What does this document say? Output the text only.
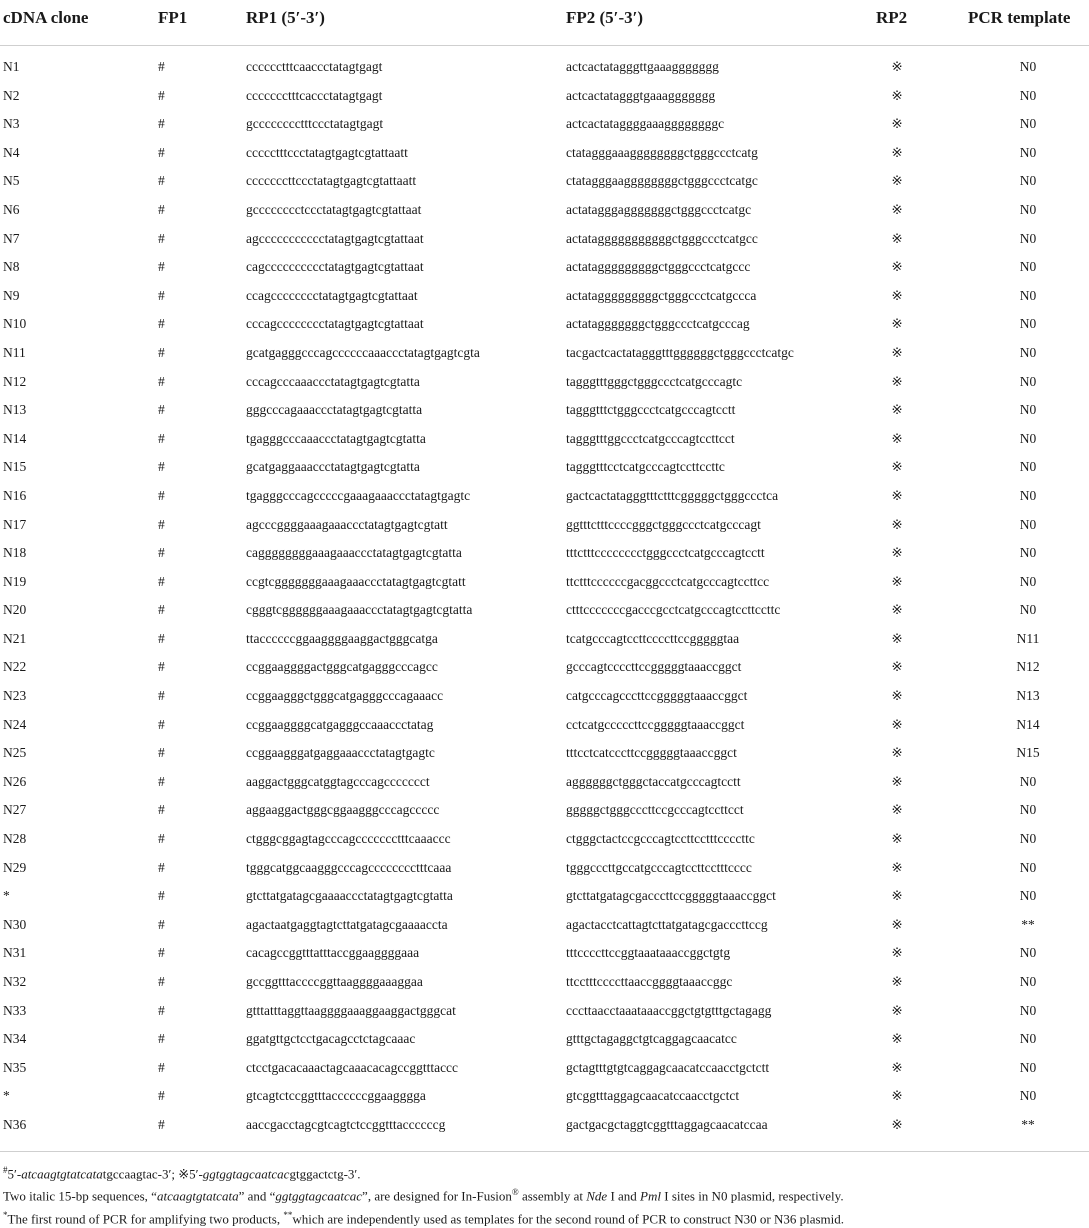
cDNA clone	FP1	RP1 (5′-3′)	FP2 (5′-3′)	RP2	PCR template
N1	#	cccccctttcaaccctatagtgagt	actcactatagggttgaaaggggggg	※	N0
N2	#	ccccccctttcaccctatagtgagt	actcactatagggtgaaaggggggg	※	N0
N3	#	gcccccccctttccctatagtgagt	actcactataggggaaaggggggggc	※	N0
N4	#	ccccctttccctatagtgagtcgtattaatt	ctatagggaaaggggggggctgggccctcatg	※	N0
N5	#	cccccccttccctatagtgagtcgtattaatt	ctatagggaaggggggggctgggccctcatgc	※	N0
N6	#	gcccccccctccctatagtgagtcgtattaat	actatagggagggggggctgggccctcatgc	※	N0
N7	#	agccccccccccctatagtgagtcgtattaat	actatagggggggggggctgggccctcatgcc	※	N0
N8	#	cagcccccccccctatagtgagtcgtattaat	actatagggggggggctgggccctcatgccc	※	N0
N9	#	ccagcccccccctatagtgagtcgtattaat	actatagggggggggctgggccctcatgccca	※	N0
N10	#	cccagcccccccctatagtgagtcgtattaat	actatagggggggctgggccctcatgcccag	※	N0
N11	#	gcatgagggcccagccccccaaaccctatagtgagtcgta	tacgactcactatagggtttggggggctgggccctcatgc	※	N0
N12	#	cccagcccaaaccctatagtgagtcgtatta	tagggtttgggctgggccctcatgcccagtc	※	N0
N13	#	gggcccagaaaccctatagtgagtcgtatta	tagggtttctgggccctcatgcccagtcctt	※	N0
N14	#	tgagggcccaaaccctatagtgagtcgtatta	tagggtttggccctcatgcccagtccttcct	※	N0
N15	#	gcatgaggaaaccctatagtgagtcgtatta	tagggtttcctcatgcccagtccttccttc	※	N0
N16	#	tgagggcccagcccccgaaagaaaccctatagtgagtc	gactcactatagggtttctttcgggggctgggccctca	※	N0
N17	#	agcccggggaaagaaaccctatagtgagtcgtatt	ggtttctttccccgggctgggccctcatgcccagt	※	N0
N18	#	caggggggggaaagaaaccctatagtgagtcgtatta	tttctttcccccccctgggccctcatgcccagtcctt	※	N0
N19	#	ccgtcgggggggaaagaaaccctatagtgagtcgtatt	ttctttccccccgacggccctcatgcccagtccttcc	※	N0
N20	#	cgggtcggggggaaagaaaccctatagtgagtcgtatta	ctttcccccccgacccgcctcatgcccagtccttccttc	※	N0
N21	#	ttaccccccggaaggggaaggactgggcatga	tcatgcccagtccttccccttccgggggtaa	※	N11
N22	#	ccggaaggggactgggcatgagggcccagcc	gcccagtccccttccgggggtaaaccggct	※	N12
N23	#	ccggaagggctgggcatgagggcccagaaacc	catgcccagcccttccgggggtaaaccggct	※	N13
N24	#	ccggaaggggcatgagggccaaaccctatag	cctcatgcccccttccgggggtaaaccggct	※	N14
N25	#	ccggaagggatgaggaaaccctatagtgagtc	tttcctcatcccttccgggggtaaaccggct	※	N15
N26	#	aaggactgggcatggtagcccagccccccct	aggggggctgggctaccatgcccagtcctt	※	N0
N27	#	aggaaggactgggcggaagggcccagccccc	gggggctgggcccttccgcccagtccttcct	※	N0
N28	#	ctgggcggagtagcccagccccccctttcaaaccc	ctgggctactccgcccagtccttcctttccccttc	※	N0
N29	#	tgggcatggcaagggcccagcccccccctttcaaa	tgggcccttgccatgcccagtccttcctttcccc	※	N0
*	#	gtcttatgatagcgaaaaccctatagtgagtcgtatta	gtcttatgatagcgacccttccgggggtaaaccggct	※	N0
N30	#	agactaatgaggtagtcttatgatagcgaaaaccta	agactacctcattagtcttatgatagcgacccttccg	※	**
N31	#	cacagccggtttatttaccggaaggggaaa	tttccccttccggtaaataaaccggctgtg	※	N0
N32	#	gccggtttaccccggttaaggggaaaggaa	ttcctttccccttaaccggggtaaaccggc	※	N0
N33	#	gtttatttaggttaaggggaaaggaaggactgggcat	cccttaacctaaataaaccggctgtgtttgctagagg	※	N0
N34	#	ggatgttgctcctgacagcctctagcaaac	gtttgctagaggctgtcaggagcaacatcc	※	N0
N35	#	ctcctgacacaaactagcaaacacagccggtttaccc	gctagtttgtgtcaggagcaacatccaacctgctctt	※	N0
*	#	gtcagtctccggtttaccccccggaagggga	gtcggtttaggagcaacatccaacctgctct	※	N0
N36	#	aaccgacctagcgtcagtctccggtttaccccccg	gactgacgctaggtcggtttaggagcaacatccaa	※	**
#5′-atcaagtgtatcatatgccaagtac-3′; ※5′-ggtggtagcaatcacgtggactctg-3′.
Two italic 15-bp sequences, “atcaagtgtatcata” and “ggtggtagcaatcac”, are designed for In-Fusion® assembly at Nde I and Pml I sites in N0 plasmid, respectively.
*The first round of PCR for amplifying two products, **which are independently used as templates for the second round of PCR to construct N30 or N36 plasmid.
